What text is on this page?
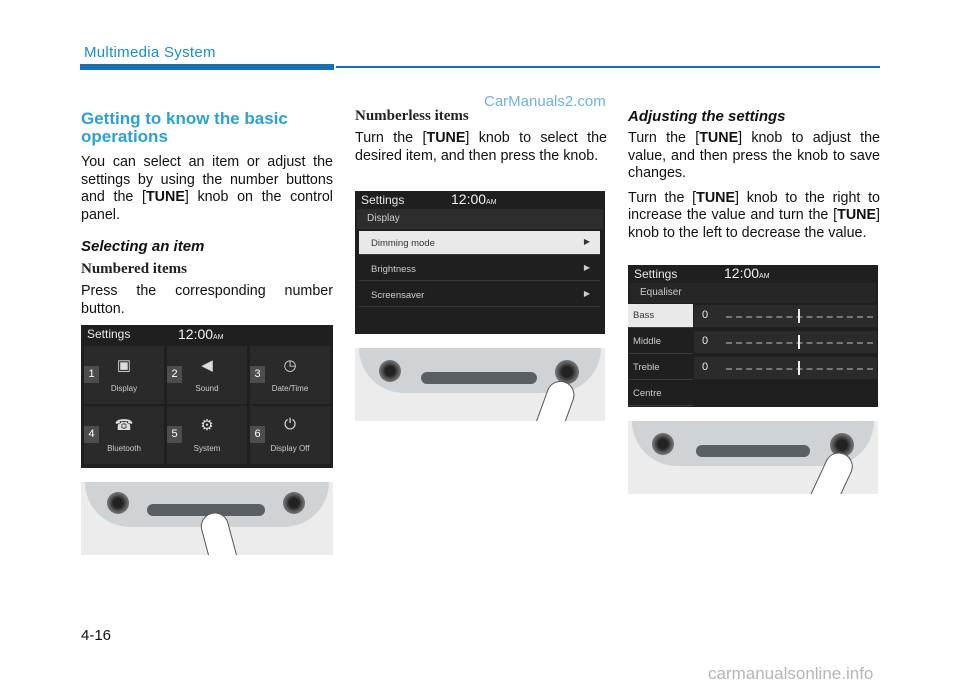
Multimedia System
CarManuals2.com
Getting to know the basic operations

You can select an item or adjust the settings by using the number buttons and the [TUNE] knob on the control panel.

Selecting an item
Numbered items

Press the corresponding number button.

Settings	12:00AM
1	▣
Display
2	◀
Sound
3	◷
Date/Time
4	☎
Bluetooth
5	⚙
System
6
⏻
Display Off
Numberless items

Turn the [TUNE] knob to select the desired item, and then press the knob.

Settings	12:00AM
Display
Dimming mode	▶
Brightness	▶
Screensaver	▶
Adjusting the settings

Turn the [TUNE] knob to adjust the value, and then press the knob to save changes.

Turn the [TUNE] knob to the right to increase the value and turn the [TUNE] knob to the left to decrease the value.

Settings	12:00AM
Equaliser
Bass	0
Middle	0
Treble	0
Centre
4-16
carmanualsonline.info
